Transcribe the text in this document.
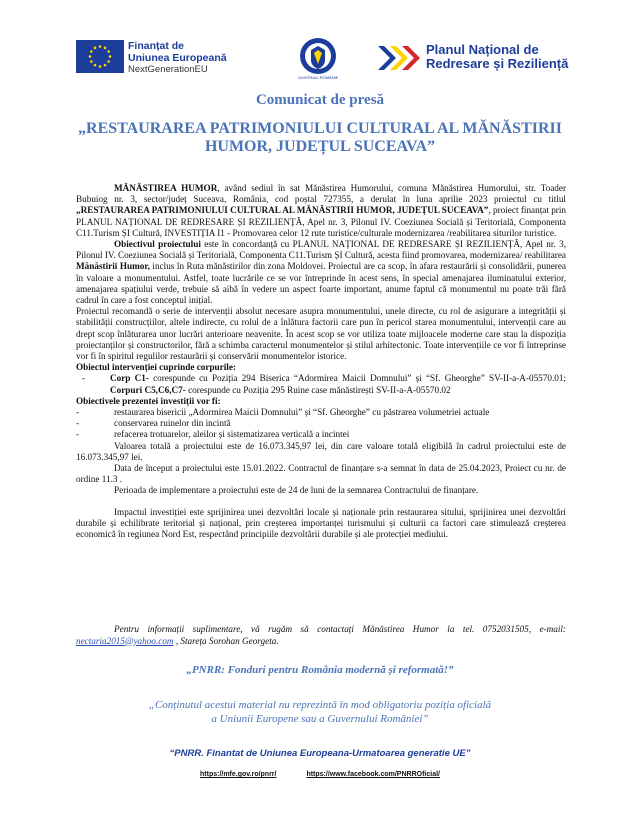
Finanțat de
Uniunea Europeană
NextGenerationEU
GUVERNUL ROMÂNIEI
Planul Național de
Redresare și Reziliență
Comunicat de presă
„RESTAURAREA PATRIMONIULUI CULTURAL AL MĂNĂSTIRII HUMOR, JUDEȚUL SUCEAVA”

MĂNĂSTIREA HUMOR, având sediul în sat Mănăstirea Humorului, comuna Mănăstirea Humorului, str. Toader Bubuiog nr. 3, sector/județ Suceava, România, cod poștal 727355, a derulat în luna aprilie 2023 proiectul cu titlul „RESTAURAREA PATRIMONIULUI CULTURAL AL MĂNĂSTIRII HUMOR, JUDEȚUL SUCEAVA”, proiect finanțat prin PLANUL NAȚIONAL DE REDRESARE ȘI REZILIENȚĂ, Apel nr. 3, Pilonul IV. Coeziunea Socială și Teritorială, Componenta C11.Turism ȘI Cultură, INVESTIȚIA I1 - Promovarea celor 12 rute turistice/culturale modernizarea /reabilitarea siturilor turistice.

Obiectivul proiectului este în concordanță cu PLANUL NAȚIONAL DE REDRESARE ȘI REZILIENȚĂ, Apel nr. 3, Pilonul IV. Coeziunea Socială și Teritorială, Componenta C11.Turism ȘI Cultură, acesta fiind promovarea, modernizarea/ reabilitarea Mănăstirii Humor, inclus în Ruta mănăstirilor din zona Moldovei. Proiectul are ca scop, în afara restaurării și consolidării, punerea în valoare a monumentului. Astfel, toate lucrările ce se vor întreprinde în acest sens, în special amenajarea iluminatului exterior, amenajarea spațiului verde, trebuie să aibă în vedere un aspect foarte important, anume faptul că monumentul nu poate trăi fără cadrul în care a fost conceptul inițial.

Proiectul recomandă o serie de intervenții absolut necesare asupra monumentului, unele directe, cu rol de asigurare a integrității și stabilității construcțiilor, altele indirecte, cu rolul de a înlătura factorii care pun în pericol starea monumentului, intervenții care au drept scop înlăturarea unor lucrări anterioare neavenite. În acest scop se vor utiliza toate mijloacele moderne care stau la dispoziția proiectanților și constructorilor, fără a schimba caracterul monumentelor și stilul arhitectonic. Toate intervențiile ce vor fi întreprinse vor fi în spiritul regulilor restaurării și conservării monumentelor istorice.

Obiectul intervenției cuprinde corpurile:

-	Corp C1- corespunde cu Poziția 294 Biserica “Adormirea Maicii Domnului” și “Sf. Gheorghe” SV-II-a-A-05570.01; Corpuri C5,C6,C7- corespunde cu Poziția 295 Ruine case mănăstirești SV-II-a-A-05570.02

Obiectivele prezentei investiții vor fi:

-	restaurarea bisericii „Adormirea Maicii Domnului” și “Sf. Gheorghe” cu păstrarea volumetriei actuale
-	conservarea ruinelor din incintă
-	refacerea trotuarelor, aleilor și sistematizarea verticală a incintei

Valoarea totală a proiectului este de 16.073.345,97 lei, din care valoare totală eligibilă în cadrul proiectului este de 16.073.345,97 lei.

Data de început a proiectului este 15.01.2022. Contractul de finanțare s-a semnat în data de 25.04.2023, Proiect cu nr. de ordine 11.3 .

Perioada de implementare a proiectului este de 24 de luni de la semnarea Contractului de finanțare.

Impactul investiției este sprijinirea unei dezvoltări locale și naționale prin restaurarea sitului, sprijinirea unei dezvoltări durabile și echilibrate teritorial și național, prin creșterea importanței turismului și culturii ca factori care stimulează creșterea economică în regiunea Nord Est, respectând principiile dezvoltării durabile și ale protecției mediului.

Pentru informații suplimentare, vă rugăm să contactați Mănăstirea Humor la tel. 0752031505, e-mail: nectaria2015@yahoo.com , Starețа Sorohan Georgeta.
„PNRR: Fonduri pentru România modernă și reformată!”
„Conținutul acestui material nu reprezintă în mod obligatoriu poziția oficială
a Uniunii Europene sau a Guvernului României”
“PNRR. Finantat de Uniunea Europeana-Urmatoarea generatie UE”
https://mfe.gov.ro/pnrr/	https://www.facebook.com/PNRROficial/
